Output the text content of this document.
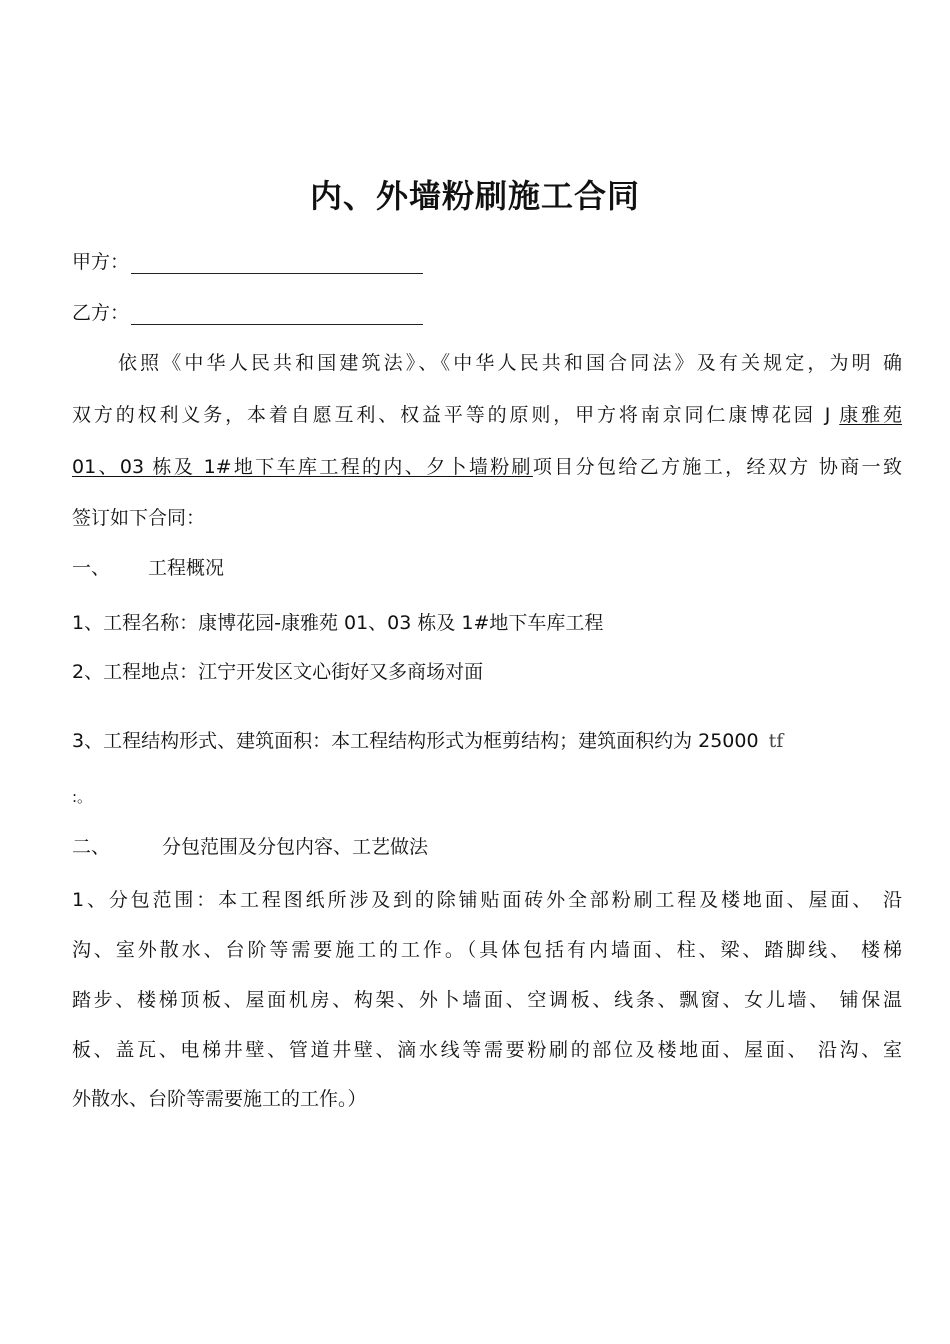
内、外墙粉刷施工合同
甲方：
乙方：
依照《中华人民共和国建筑法》、《中华人民共和国合同法》及有关规定，为明 确
双方的权利义务，本着自愿互利、权益平等的原则，甲方将南京同仁康博花园 J 康雅苑
01、03 栋及 1#地下车库工程的内、夕卜墙粉刷项目分包给乙方施工，经双方 协商一致
签订如下合同：
一、 工程概况
1、工程名称：康博花园-康雅苑 01、03 栋及 1#地下车库工程
2、工程地点：江宁开发区文心街好又多商场对面
3、工程结构形式、建筑面积：本工程结构形式为框剪结构；建筑面积约为 25000 tf
:。
二、	分包范围及分包内容、工艺做法
1、分包范围：本工程图纸所涉及到的除铺贴面砖外全部粉刷工程及楼地面、屋面、 沿
沟、室外散水、台阶等需要施工的工作。（具体包括有内墙面、柱、梁、踏脚线、 楼梯
踏步、楼梯顶板、屋面机房、构架、外卜墙面、空调板、线条、飘窗、女儿墙、 铺保温
板、盖瓦、电梯井壁、管道井壁、滴水线等需要粉刷的部位及楼地面、屋面、 沿沟、室
外散水、台阶等需要施工的工作。）
